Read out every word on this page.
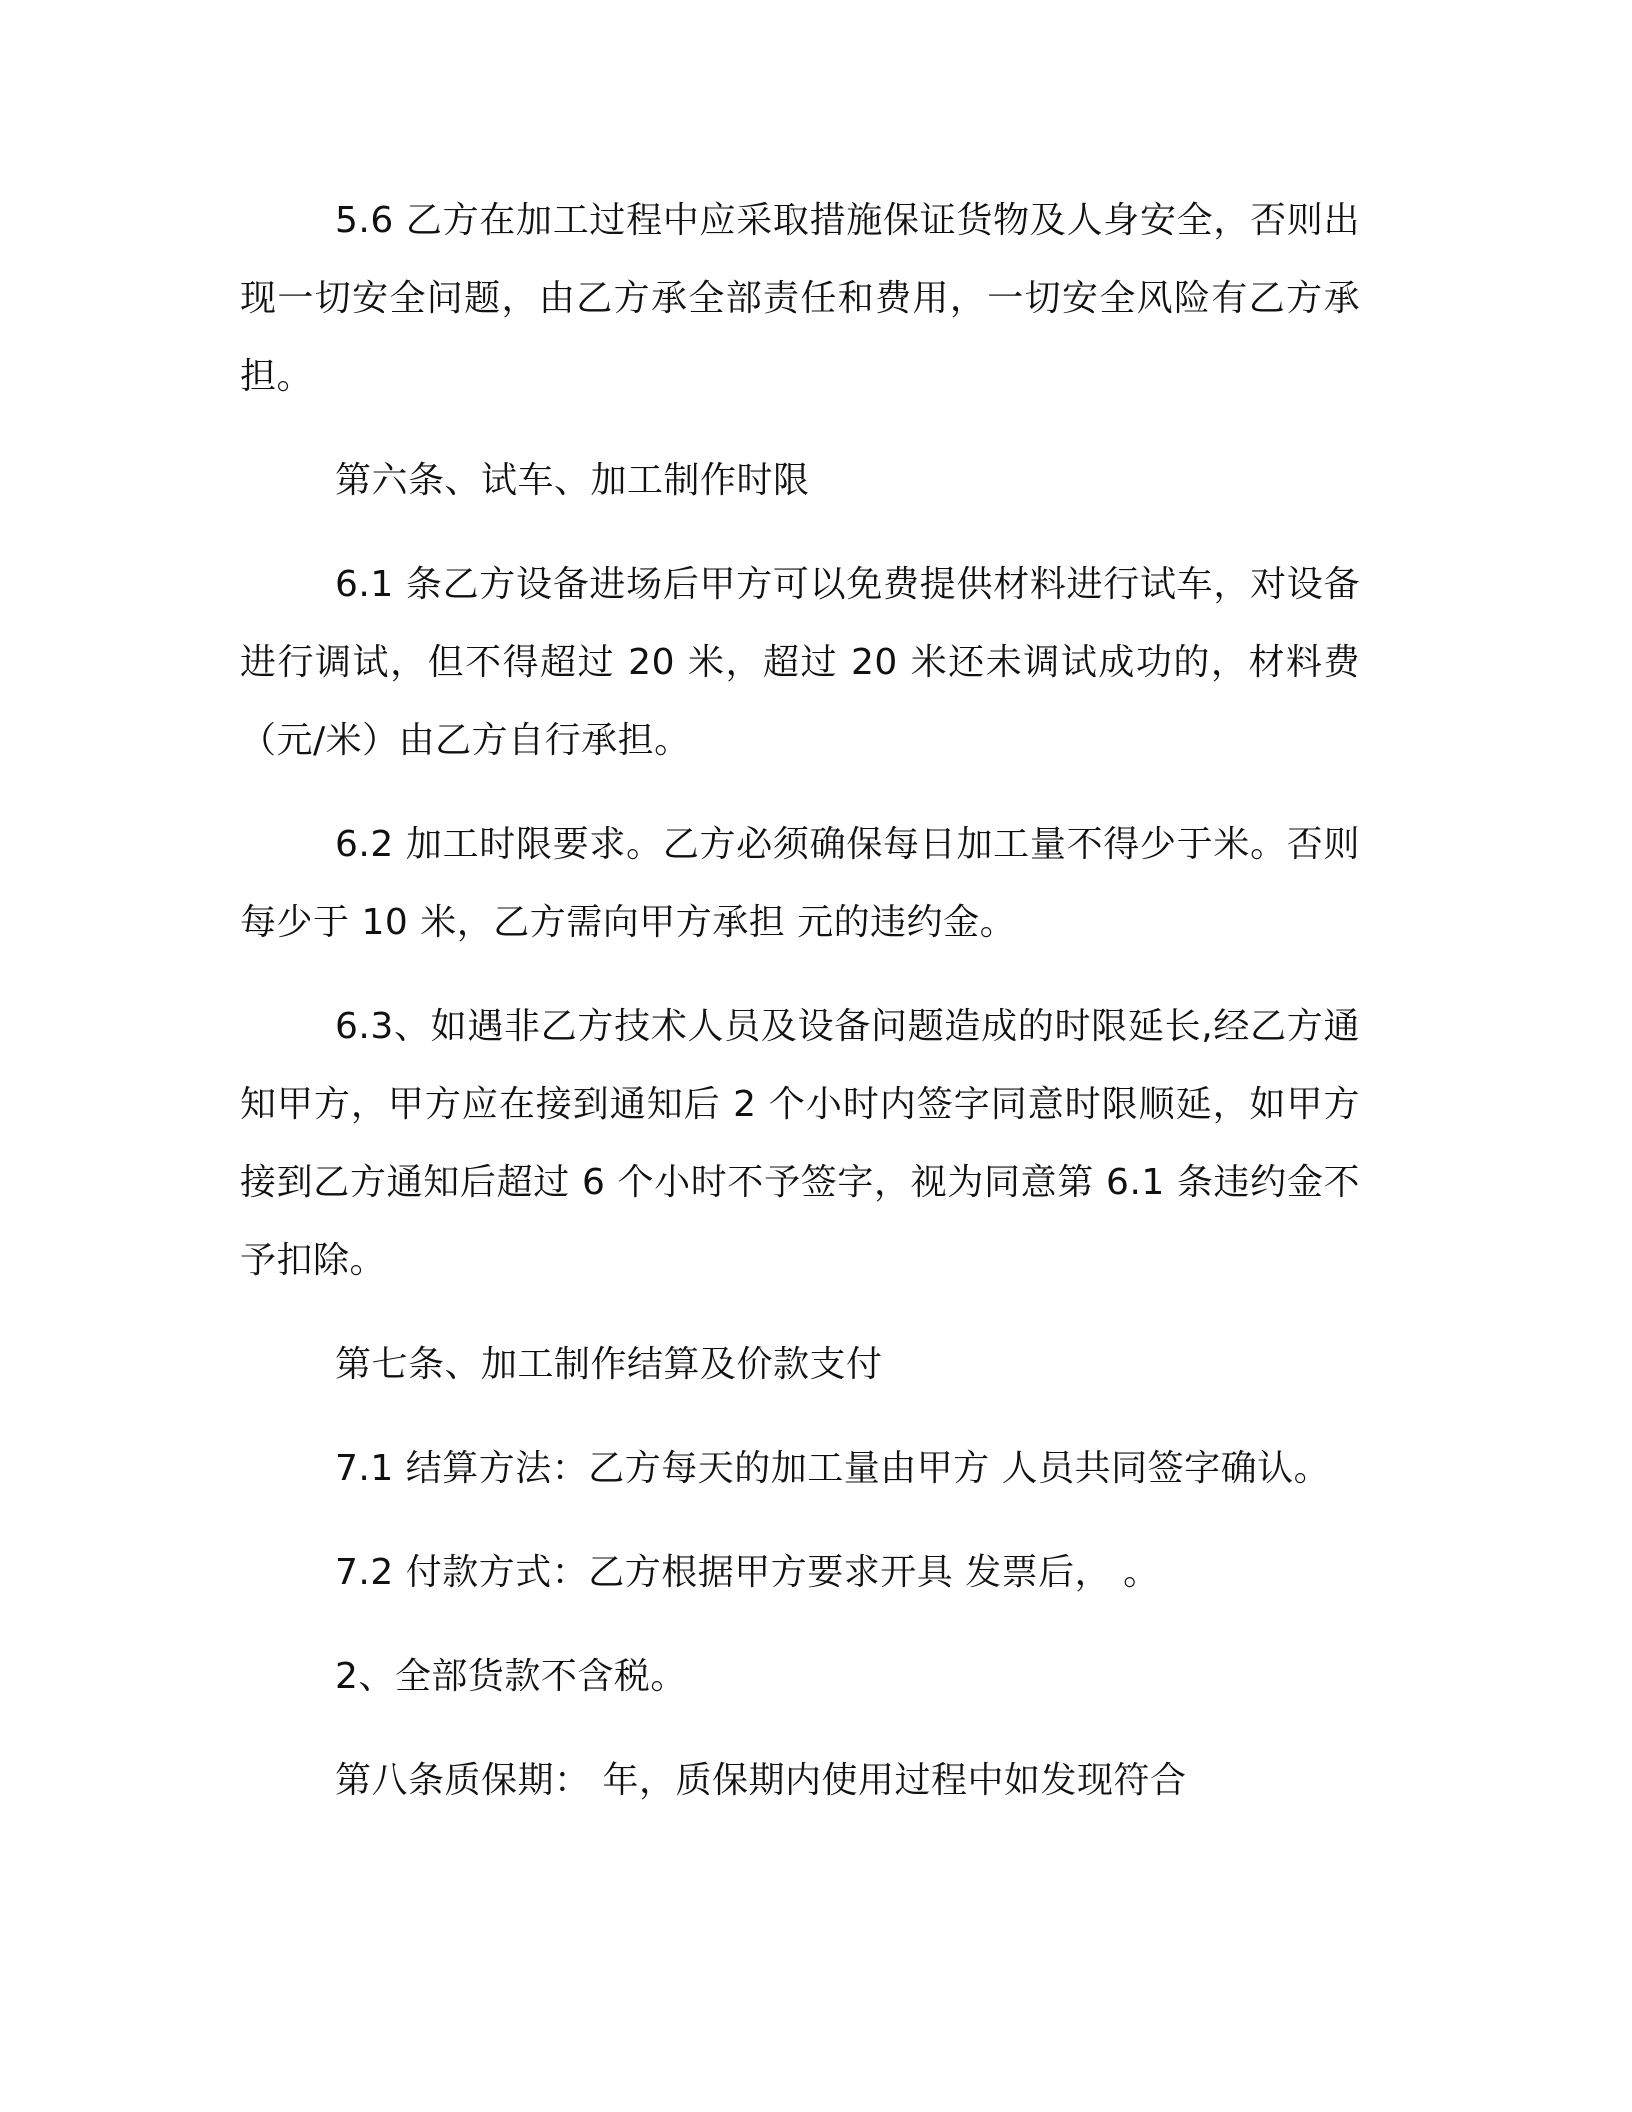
5.6 乙方在加工过程中应采取措施保证货物及人身安全，否则出现一切安全问题，由乙方承全部责任和费用，一切安全风险有乙方承担。

第六条、试车、加工制作时限

6.1 条乙方设备进场后甲方可以免费提供材料进行试车，对设备进行调试，但不得超过 20 米，超过 20 米还未调试成功的，材料费（元/米）由乙方自行承担。

6.2 加工时限要求。乙方必须确保每日加工量不得少于米。否则每少于 10 米，乙方需向甲方承担 元的违约金。

6.3、如遇非乙方技术人员及设备问题造成的时限延长,经乙方通知甲方，甲方应在接到通知后 2 个小时内签字同意时限顺延，如甲方接到乙方通知后超过 6 个小时不予签字，视为同意第 6.1 条违约金不予扣除。

第七条、加工制作结算及价款支付

7.1 结算方法：乙方每天的加工量由甲方 人员共同签字确认。

7.2 付款方式：乙方根据甲方要求开具 发票后， 。

2、全部货款不含税。

第八条质保期： 年，质保期内使用过程中如发现符合
